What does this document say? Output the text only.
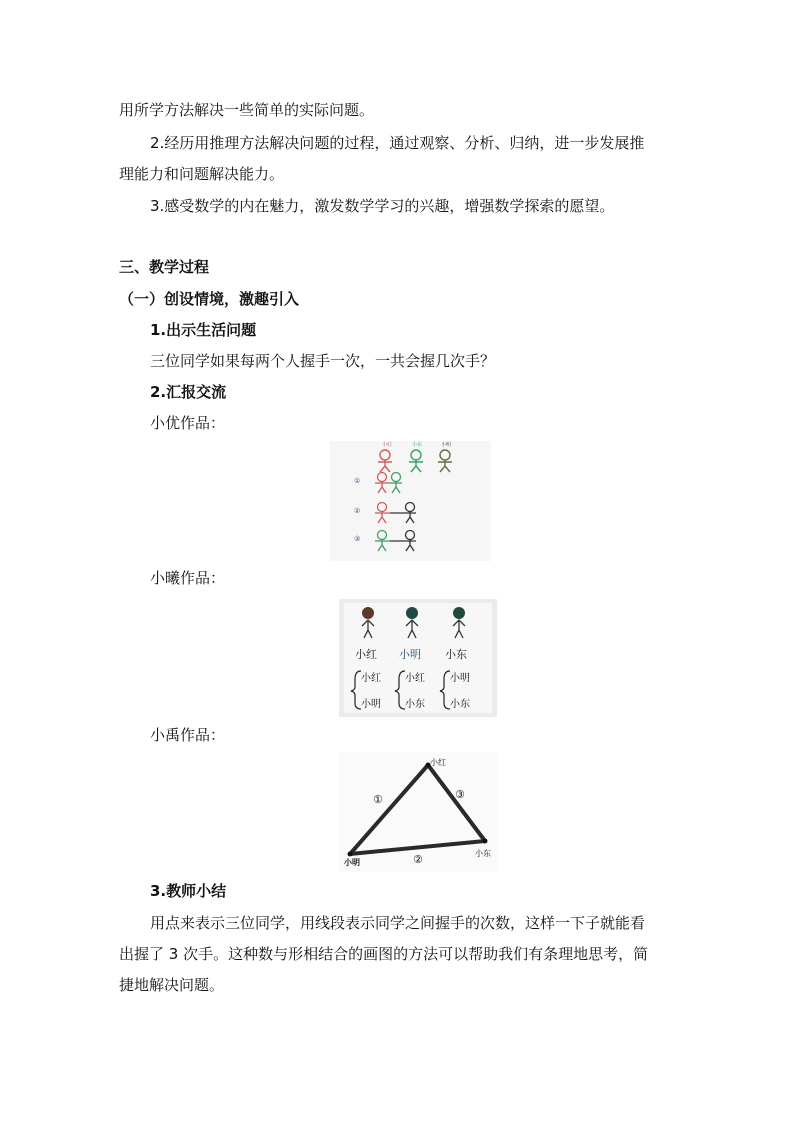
用所学方法解决一些简单的实际问题。
2.经历用推理方法解决问题的过程，通过观察、分析、归纳，进一步发展推
理能力和问题解决能力。
3.感受数学的内在魅力，激发数学学习的兴趣，增强数学探索的愿望。
三、教学过程
（一）创设情境，激趣引入
1.出示生活问题
三位同学如果每两个人握手一次，一共会握几次手？
2.汇报交流
小优作品：
小红	小东	小明
①
②
③
小曦作品：
小红 小明 小东
小红
小明
小红
小东
小明
小东
小禹作品：
小红
小明
小东
①
②
③
3.教师小结
用点来表示三位同学，用线段表示同学之间握手的次数，这样一下子就能看
出握了 3 次手。这种数与形相结合的画图的方法可以帮助我们有条理地思考，简
捷地解决问题。
